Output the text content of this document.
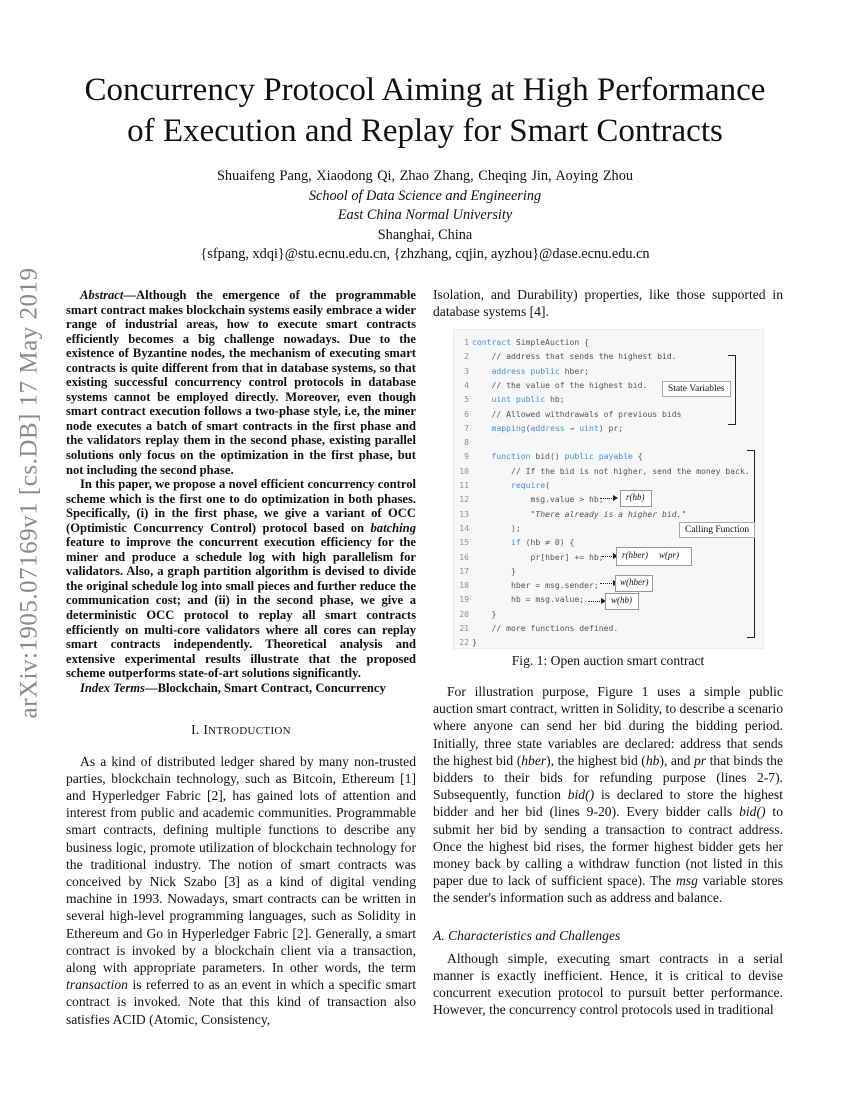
arXiv:1905.07169v1 [cs.DB] 17 May 2019
Concurrency Protocol Aiming at High Performance
of Execution and Replay for Smart Contracts
Shuaifeng Pang, Xiaodong Qi, Zhao Zhang, Cheqing Jin, Aoying Zhou
School of Data Science and Engineering
East China Normal University
Shanghai, China
{sfpang, xdqi}@stu.ecnu.edu.cn, {zhzhang, cqjin, ayzhou}@dase.ecnu.edu.cn

Abstract—Although the emergence of the programmable smart contract makes blockchain systems easily embrace a wider range of industrial areas, how to execute smart contracts efficiently becomes a big challenge nowadays. Due to the existence of Byzantine nodes, the mechanism of executing smart contracts is quite different from that in database systems, so that existing successful concurrency control protocols in database systems cannot be employed directly. Moreover, even though smart contract execution follows a two-phase style, i.e, the miner node executes a batch of smart contracts in the first phase and the validators replay them in the second phase, existing parallel solutions only focus on the optimization in the first phase, but not including the second phase.

In this paper, we propose a novel efficient concurrency control scheme which is the first one to do optimization in both phases. Specifically, (i) in the first phase, we give a variant of OCC (Optimistic Concurrency Control) protocol based on batching feature to improve the concurrent execution efficiency for the miner and produce a schedule log with high parallelism for validators. Also, a graph partition algorithm is devised to divide the original schedule log into small pieces and further reduce the communication cost; and (ii) in the second phase, we give a deterministic OCC protocol to replay all smart contracts efficiently on multi-core validators where all cores can replay smart contracts independently. Theoretical analysis and extensive experimental results illustrate that the proposed scheme outperforms state-of-art solutions significantly.

Index Terms—Blockchain, Smart Contract, Concurrency

I. INTRODUCTION

As a kind of distributed ledger shared by many non-trusted parties, blockchain technology, such as Bitcoin, Ethereum [1] and Hyperledger Fabric [2], has gained lots of attention and interest from public and academic communities. Programmable smart contracts, defining multiple functions to describe any business logic, promote utilization of blockchain technology for the traditional industry. The notion of smart contracts was conceived by Nick Szabo [3] as a kind of digital vending machine in 1993. Nowadays, smart contracts can be written in several high-level programming languages, such as Solidity in Ethereum and Go in Hyperledger Fabric [2]. Generally, a smart contract is invoked by a blockchain client via a transaction, along with appropriate parameters. In other words, the term transaction is referred to as an event in which a specific smart contract is invoked. Note that this kind of transaction also satisfies ACID (Atomic, Consistency,

Isolation, and Durability) properties, like those supported in database systems [4].

1 contract SimpleAuction {
2 // address that sends the highest bid.
3	address public hber;
4 // the value of the highest bid.
5	uint public hb;
6 // Allowed withdrawals of previous bids
7	mapping(address ⇒ uint) pr;
8
9	function bid() public payable {
10 // If the bid is not higher, send the money back.
11	require(
12 msg.value > hb,
13 "There already is a higher bid."
14 );
15	if (hb ≠ 0) {
16 pr[hber] += hb;
17 }
18 hber = msg.sender;
19 hb = msg.value;
20 }
21 // more functions defined.
22 }
State Variables
Calling Function
r(hb)
r(hber) w(pr)
w(hber)
w(hb)
Fig. 1: Open auction smart contract

For illustration purpose, Figure 1 uses a simple public auction smart contract, written in Solidity, to describe a scenario where anyone can send her bid during the bidding period. Initially, three state variables are declared: address that sends the highest bid (hber), the highest bid (hb), and pr that binds the bidders to their bids for refunding purpose (lines 2-7). Subsequently, function bid() is declared to store the highest bidder and her bid (lines 9-20). Every bidder calls bid() to submit her bid by sending a transaction to contract address. Once the highest bid rises, the former highest bidder gets her money back by calling a withdraw function (not listed in this paper due to lack of sufficient space). The msg variable stores the sender's information such as address and balance.

A. Characteristics and Challenges

Although simple, executing smart contracts in a serial manner is exactly inefficient. Hence, it is critical to devise concurrent execution protocol to pursuit better performance. However, the concurrency control protocols used in traditional
